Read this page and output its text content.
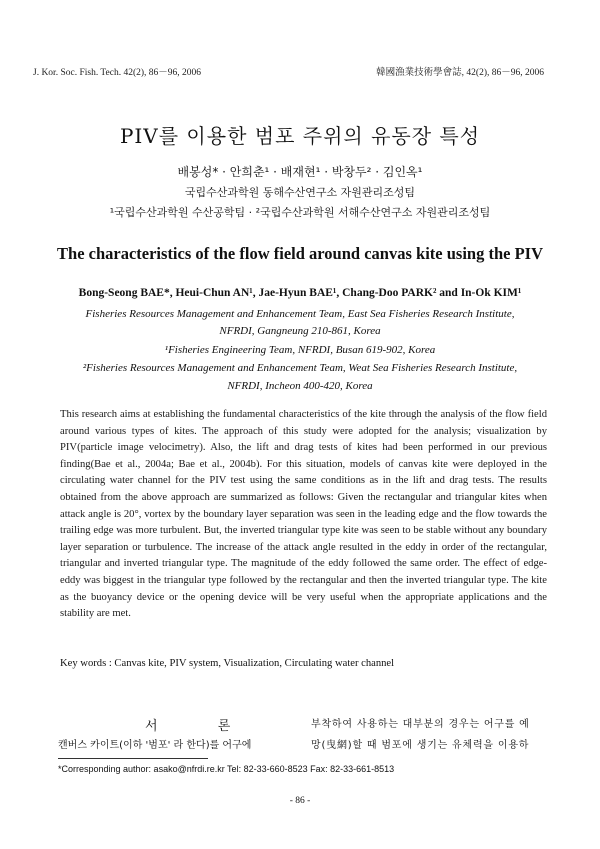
J. Kor. Soc. Fish. Tech. 42(2), 86－96, 2006	韓國漁業技術學會誌, 42(2), 86－96, 2006
PIV를 이용한 범포 주위의 유동장 특성
배봉성* · 안희춘¹ · 배재현¹ · 박창두² · 김인옥¹
국립수산과학원 동해수산연구소 자원관리조성팀
¹국립수산과학원 수산공학팀 · ²국립수산과학원 서해수산연구소 자원관리조성팀
The characteristics of the flow field around canvas kite using the PIV
Bong-Seong BAE*, Heui-Chun AN¹, Jae-Hyun BAE¹, Chang-Doo PARK² and In-Ok KIM¹
Fisheries Resources Management and Enhancement Team, East Sea Fisheries Research Institute,
NFRDI, Gangneung 210-861, Korea
¹Fisheries Engineering Team, NFRDI, Busan 619-902, Korea
²Fisheries Resources Management and Enhancement Team, Weat Sea Fisheries Research Institute,
NFRDI, Incheon 400-420, Korea
This research aims at establishing the fundamental characteristics of the kite through the analysis of the flow field around various types of kites. The approach of this study were adopted for the analysis; visualization by PIV(particle image velocimetry). Also, the lift and drag tests of kites had been performed in our previous finding(Bae et al., 2004a; Bae et al., 2004b). For this situation, models of canvas kite were deployed in the circulating water channel for the PIV test using the same conditions as in the lift and drag tests. The results obtained from the above approach are summarized as follows: Given the rectangular and triangular kites when attack angle is 20°, vortex by the boundary layer separation was seen in the leading edge and the flow towards the trailing edge was more turbulent. But, the inverted triangular type kite was seen to be stable without any boundary layer separation or turbulence. The increase of the attack angle resulted in the eddy in order of the rectangular, triangular and inverted triangular type. The magnitude of the eddy followed the same order. The effect of edge-eddy was biggest in the triangular type followed by the rectangular and then the inverted triangular type. The kite as the buoyancy device or the opening device will be very useful when the appropriate applications and the stability are met.
Key words : Canvas kite, PIV system, Visualization, Circulating water channel
서 론
캔버스 카이트(이하 '범포' 라 한다)를 어구에
부착하여 사용하는 대부분의 경우는 어구를 예
망(曳網)할 때 범포에 생기는 유체력을 이용하
*Corresponding author: asako@nfrdi.re.kr Tel: 82-33-660-8523 Fax: 82-33-661-8513
- 86 -
